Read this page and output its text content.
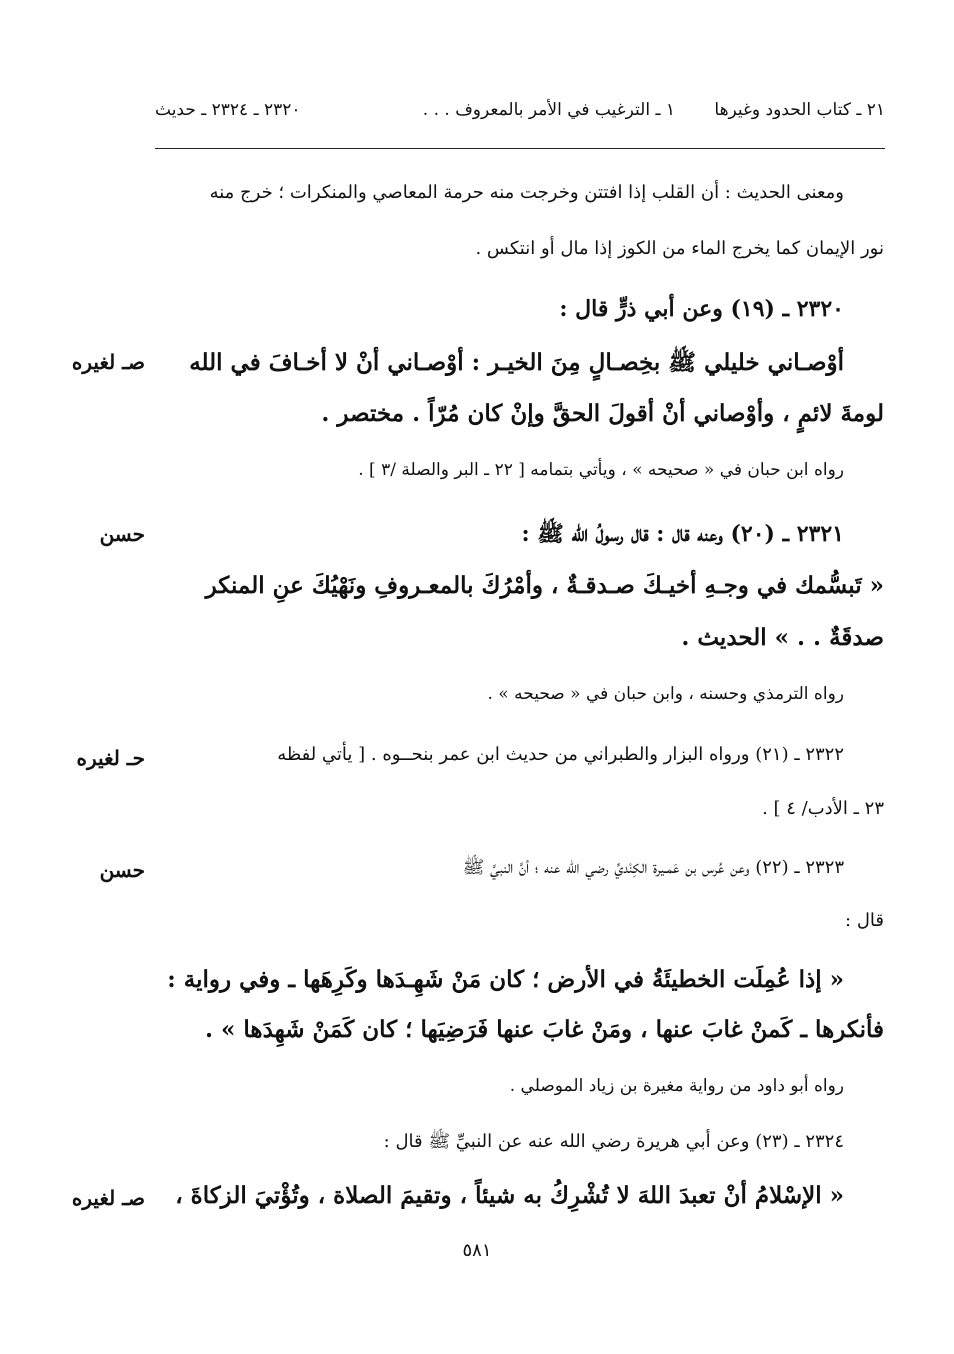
٢١ ـ كتاب الحدود وغيرها
١ ـ الترغيب في الأمر بالمعروف . . .
٢٣٢٠ ـ ٢٣٢٤ ـ حديث
ومعنى الحديث : أن القلب إذا افتتن وخرجت منه حرمة المعاصي والمنكرات ؛ خرج منه
نور الإيمان كما يخرج الماء من الكوز إذا مال أو انتكس .
٢٣٢٠ ـ (١٩) وعن أبي ذرٍّ قال :
صـ لغيره	أوْصـاني خليلي ﷺ بخِصـالٍ مِنَ الخيـر : أوْصـاني أنْ لا أخـافَ في الله
لومةَ لائمٍ ، وأوْصاني أنْ أقولَ الحقَّ وإنْ كان مُرّاً . مختصر .
رواه ابن حبان في « صحيحه » ، ويأتي بتمامه [ ٢٢ ـ البر والصلة /٣ ] .
حسن	٢٣٢١ ـ (٢٠) وعنه قال : قال رسولُ الله ﷺ :
« تَبسُّمك في وجـهِ أخيـكَ صـدقـةٌ ، وأمْرُكَ بالمعـروفِ ونَهْيُكَ عنِ المنكر
صدقَةٌ . . » الحديث .
رواه الترمذي وحسنه ، وابن حبان في « صحيحه » .
حـ لغيره	٢٣٢٢ ـ (٢١) ورواه البزار والطبراني من حديث ابن عمر بنحــوه . [ يأتي لفظه
٢٣ ـ الأدب/ ٤ ] .
حسن	٢٣٢٣ ـ (٢٢) وعن عُرس بن عَمـيرة الكِنْديِّ رضي الله عنه ؛ أنَّ النبيَّ ﷺ
قال :
« إذا عُمِلَت الخطيئَةُ في الأرض ؛ كان مَنْ شَهِـدَها وكَرِهَها ـ وفي رواية :
فأنكرها ـ كَمنْ غابَ عنها ، ومَنْ غابَ عنها فَرَضِيَها ؛ كان كَمَنْ شَهِدَها » .
رواه أبو داود من رواية مغيرة بن زياد الموصلي .
٢٣٢٤ ـ (٢٣) وعن أبي هريرة رضي الله عنه عن النبيِّ ﷺ قال :
صـ لغيره	« الإسْلامُ أنْ تعبدَ اللهَ لا تُشْرِكُ به شيئاً ، وتقيمَ الصلاة ، وتُؤْتيَ الزكاةَ ،
٥٨١
